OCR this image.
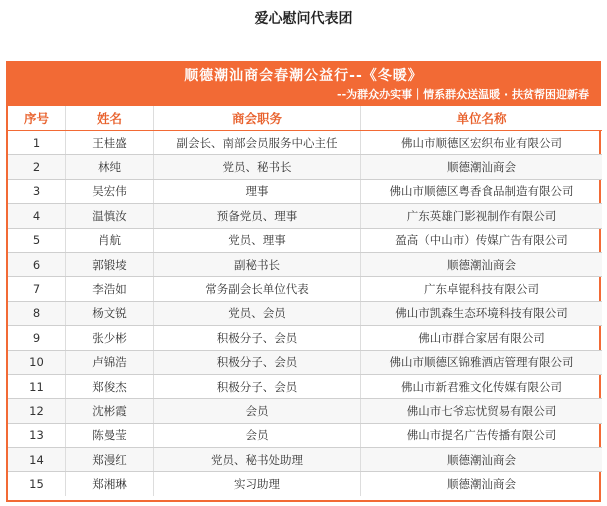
爱心慰问代表团
顺德潮汕商会春潮公益行--《冬暖》
--为群众办实事｜情系群众送温暖 · 扶贫帮困迎新春
序号	姓名	商会职务	单位名称
1	王桂盛	副会长、南部会员服务中心主任	佛山市顺德区宏织布业有限公司
2	林纯	党员、秘书长	顺德潮汕商会
3	吴宏伟	理事	佛山市顺德区粤香食品制造有限公司
4	温慎汝	预备党员、理事	广东英雄门影视制作有限公司
5	肖航	党员、理事	盈高（中山市）传媒广告有限公司
6	郭锻堎	副秘书长	顺德潮汕商会
7	李浩如	常务副会长单位代表	广东卓锟科技有限公司
8	杨文锐	党员、会员	佛山市凯森生态环境科技有限公司
9	张少彬	积极分子、会员	佛山市群合家居有限公司
10	卢锦浩	积极分子、会员	佛山市顺德区锦雅酒店管理有限公司
11	郑俊杰	积极分子、会员	佛山市新君雅文化传媒有限公司
12	沈彬霞	会员	佛山市七爷忘忧贸易有限公司
13	陈曼莹	会员	佛山市提名广告传播有限公司
14	郑漫红	党员、秘书处助理	顺德潮汕商会
15	郑湘琳	实习助理	顺德潮汕商会
